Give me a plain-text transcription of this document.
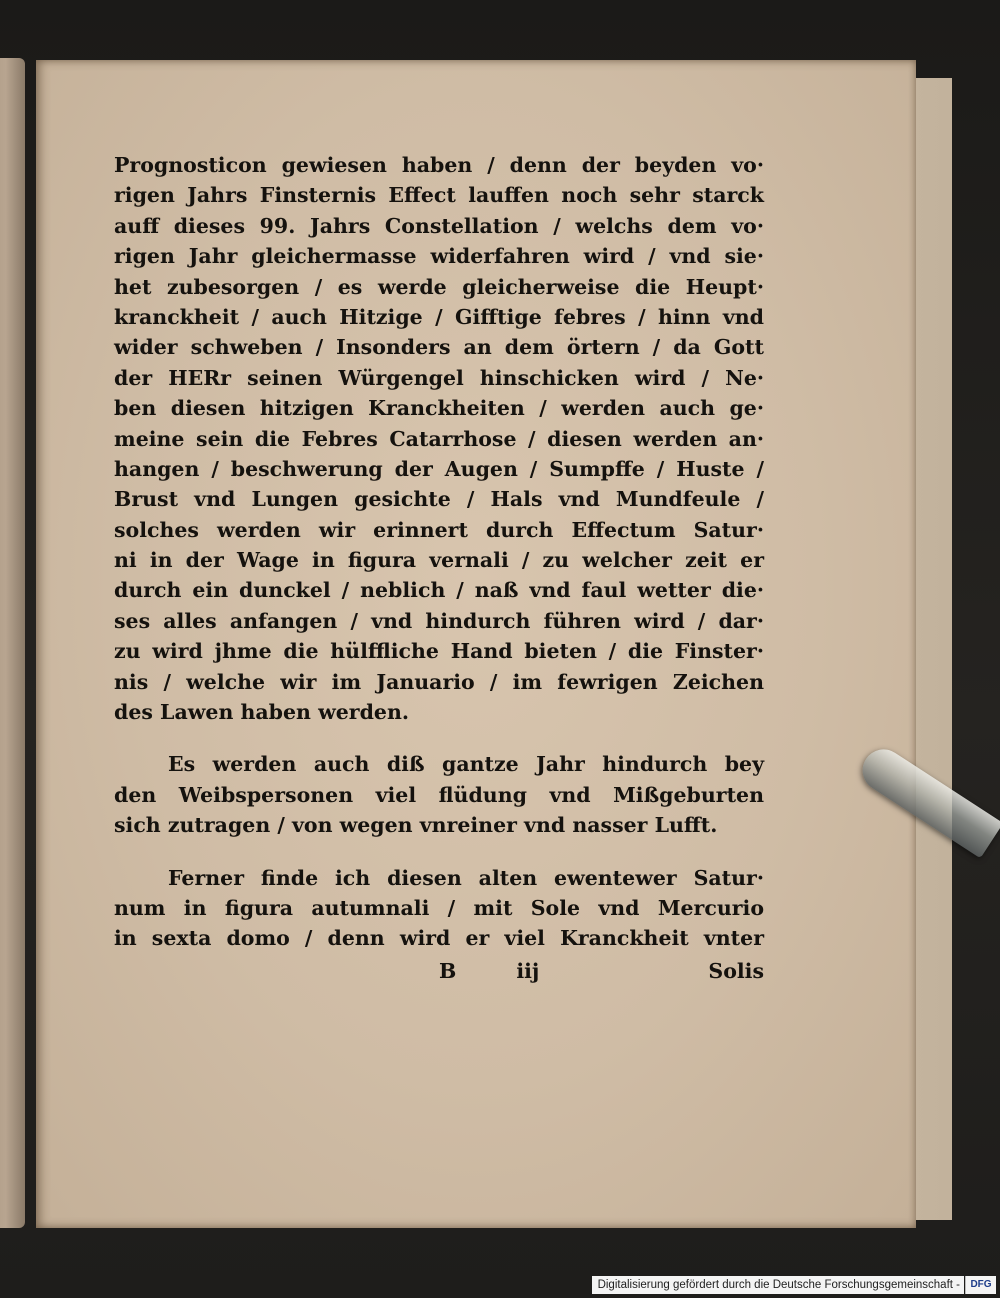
Prognosticon gewiesen haben / denn der beyden vo·
rigen Jahrs Finsternis Effect lauffen noch sehr starck
auff dieses 99. Jahrs Constellation / welchs dem vo·
rigen Jahr gleichermasse widerfahren wird / vnd sie·
het zubesorgen / es werde gleicherweise die Heupt·
kranckheit / auch Hitzige / Gifftige febres / hinn vnd
wider schweben / Insonders an dem örtern / da Gott
der HERr seinen Würgengel hinschicken wird / Ne·
ben diesen hitzigen Kranckheiten / werden auch ge·
meine sein die Febres Catarrhose / diesen werden an·
hangen / beschwerung der Augen / Sumpffe / Huste /
Brust vnd Lungen gesichte / Hals vnd Mundfeule /
solches werden wir erinnert durch Effectum Satur·
ni in der Wage in figura vernali / zu welcher zeit er
durch ein dunckel / neblich / naß vnd faul wetter die·
ses alles anfangen / vnd hindurch führen wird / dar·
zu wird jhme die hülffliche Hand bieten / die Finster·
nis / welche wir im Januario / im fewrigen Zeichen
des Lawen haben werden.
Es werden auch diß gantze Jahr hindurch bey
den Weibspersonen viel flüdung vnd Mißgeburten
sich zutragen / von wegen vnreiner vnd nasser Lufft.
Ferner finde ich diesen alten ewentewer Satur·
num in figura autumnali / mit Sole vnd Mercurio
in sexta domo / denn wird er viel Kranckheit vnter
B	iij	Solis
Digitalisierung gefördert durch die Deutsche Forschungsgemeinschaft -	DFG
